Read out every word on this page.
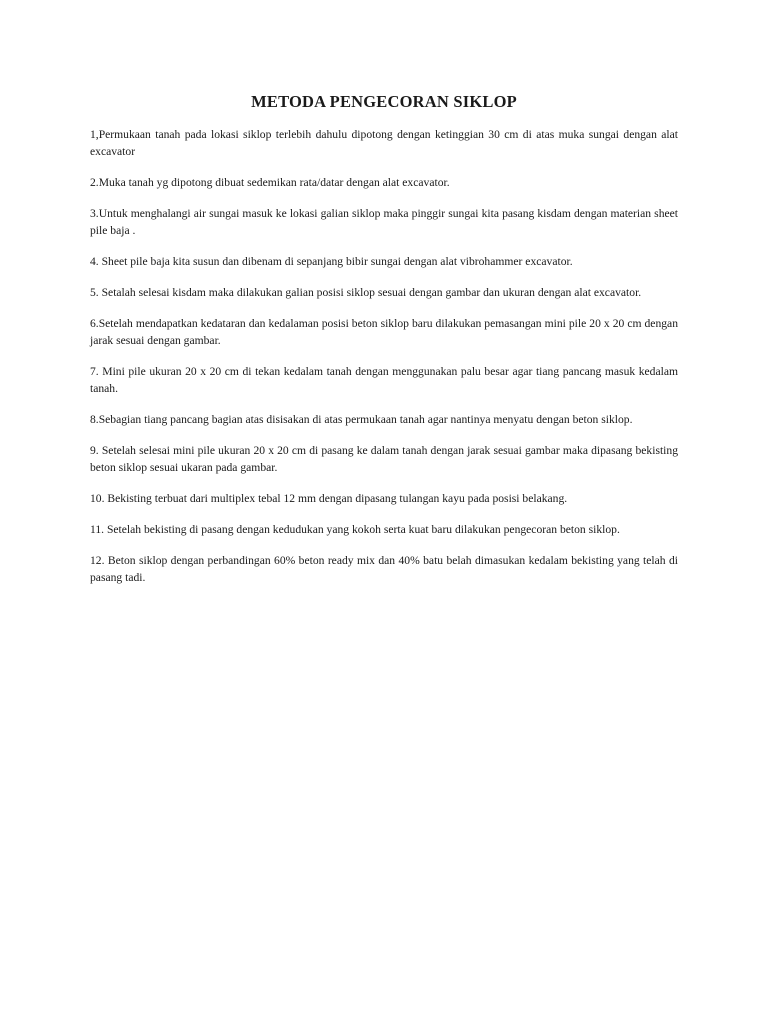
METODA PENGECORAN SIKLOP
1,Permukaan tanah pada lokasi siklop terlebih dahulu dipotong dengan ketinggian 30 cm di atas muka sungai dengan alat excavator
2.Muka tanah yg dipotong dibuat sedemikan rata/datar dengan alat excavator.
3.Untuk menghalangi air sungai masuk ke lokasi galian siklop maka pinggir sungai kita pasang kisdam dengan materian sheet pile baja .
4. Sheet pile baja kita susun dan dibenam di sepanjang bibir sungai dengan alat vibrohammer excavator.
5. Setalah selesai kisdam maka dilakukan galian posisi siklop sesuai dengan gambar dan ukuran dengan alat excavator.
6.Setelah mendapatkan kedataran dan kedalaman posisi beton siklop baru dilakukan pemasangan mini pile 20 x 20 cm dengan jarak sesuai dengan gambar.
7. Mini pile ukuran 20 x 20 cm di tekan kedalam tanah dengan menggunakan palu besar agar tiang pancang masuk kedalam tanah.
8.Sebagian tiang pancang bagian atas disisakan di atas permukaan tanah agar nantinya menyatu dengan beton siklop.
9. Setelah selesai mini pile ukuran 20 x 20 cm di pasang ke dalam tanah dengan jarak sesuai gambar maka dipasang bekisting beton siklop sesuai ukaran pada gambar.
10. Bekisting terbuat dari multiplex tebal 12 mm dengan dipasang tulangan kayu pada posisi belakang.
11. Setelah bekisting di pasang dengan kedudukan yang kokoh serta kuat baru dilakukan pengecoran beton siklop.
12. Beton siklop dengan perbandingan 60% beton ready mix dan 40% batu belah dimasukan kedalam bekisting yang telah di pasang tadi.
